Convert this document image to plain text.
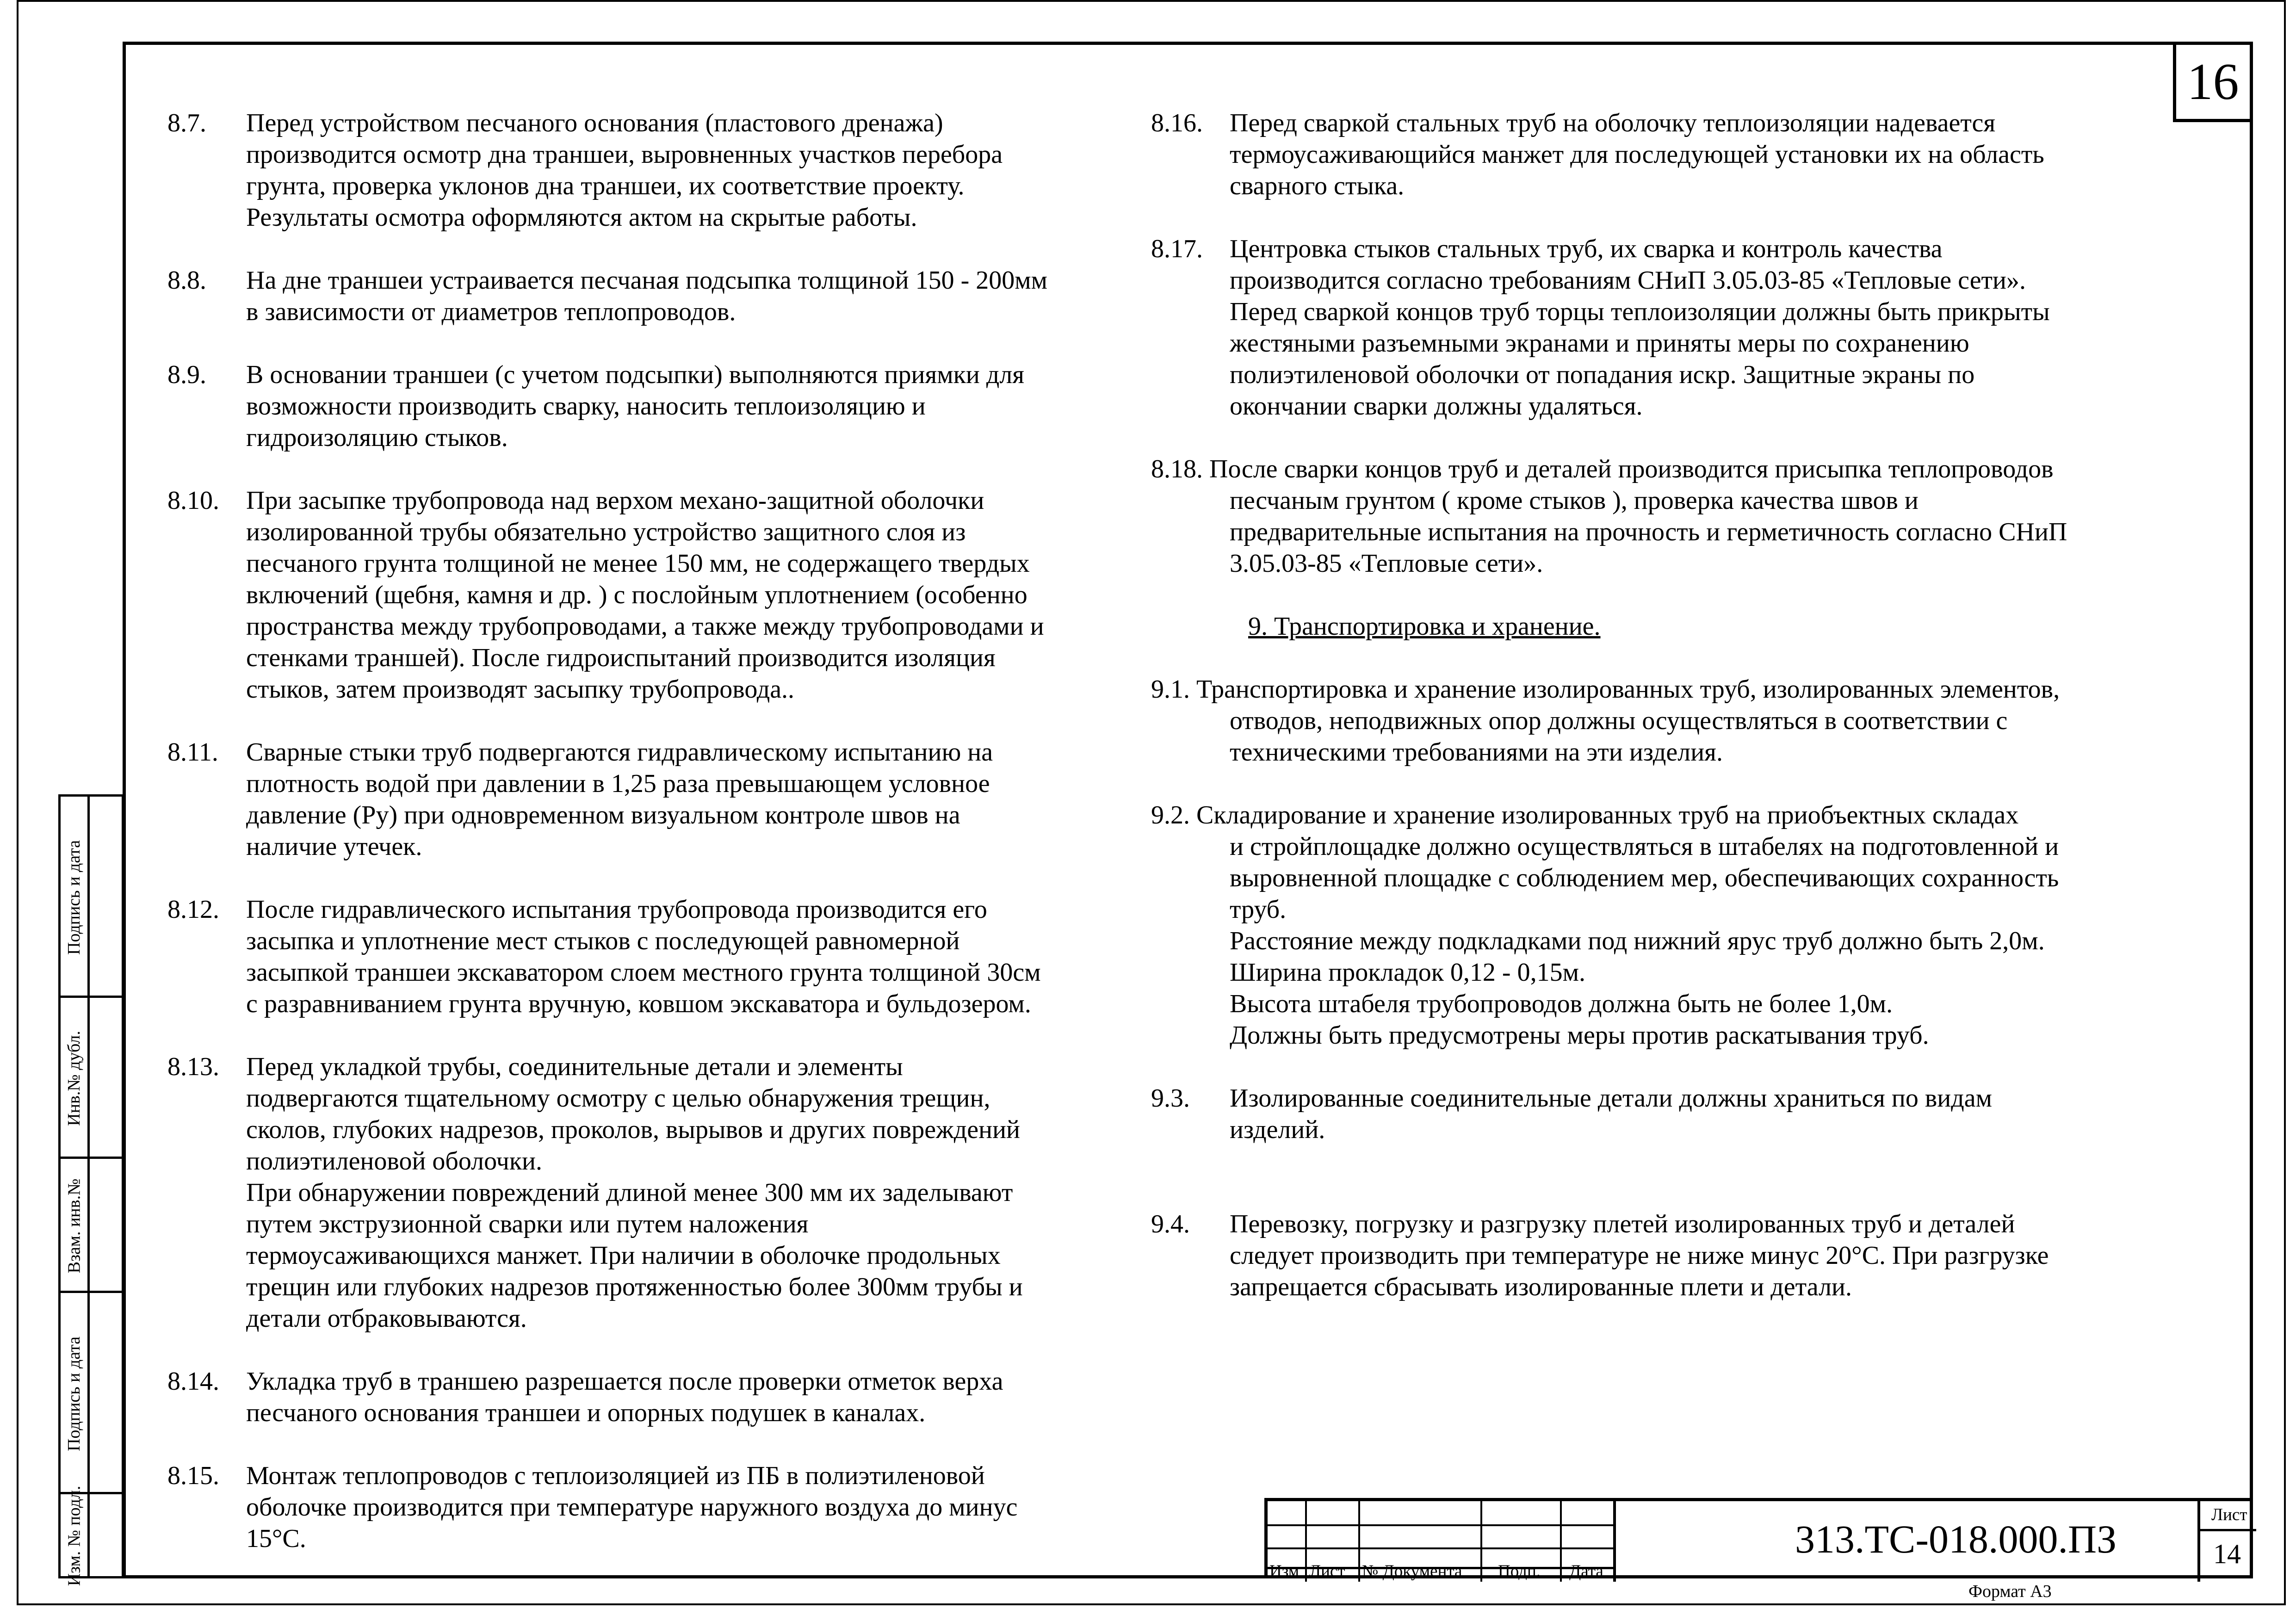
16
8.7. Перед устройством песчаного основания (пластового дренажа)
производится осмотр дна траншеи, выровненных участков перебора
грунта, проверка уклонов дна траншеи, их соответствие проекту.
Результаты осмотра оформляются актом на скрытые работы.
8.8. На дне траншеи устраивается песчаная подсыпка толщиной 150 - 200мм
в зависимости от диаметров теплопроводов.
8.9. В основании траншеи (с учетом подсыпки) выполняются приямки для
возможности производить сварку, наносить теплоизоляцию и
гидроизоляцию стыков.
8.10. При засыпке трубопровода над верхом механо-защитной оболочки
изолированной трубы обязательно устройство защитного слоя из
песчаного грунта толщиной не менее 150 мм, не содержащего твердых
включений (щебня, камня и др. ) с послойным уплотнением (особенно
пространства между трубопроводами, а также между трубопроводами и
стенками траншей). После гидроиспытаний производится изоляция
стыков, затем производят засыпку трубопровода..
8.11. Сварные стыки труб подвергаются гидравлическому испытанию на
плотность водой при давлении в 1,25 раза превышающем условное
давление (Ру) при одновременном визуальном контроле швов на
наличие утечек.
8.12. После гидравлического испытания трубопровода производится его
засыпка и уплотнение мест стыков с последующей равномерной
засыпкой траншеи экскаватором слоем местного грунта толщиной 30см
с разравниванием грунта вручную, ковшом экскаватора и бульдозером.
8.13. Перед укладкой трубы, соединительные детали и элементы
подвергаются тщательному осмотру с целью обнаружения трещин,
сколов, глубоких надрезов, проколов, вырывов и других повреждений
полиэтиленовой оболочки.
При обнаружении повреждений длиной менее 300 мм их заделывают
путем экструзионной сварки или путем наложения
термоусаживающихся манжет. При наличии в оболочке продольных
трещин или глубоких надрезов протяженностью более 300мм трубы и
детали отбраковываются.
8.14. Укладка труб в траншею разрешается после проверки отметок верха
песчаного основания траншеи и опорных подушек в каналах.
8.15. Монтаж теплопроводов с теплоизоляцией из ПБ в полиэтиленовой
оболочке производится при температуре наружного воздуха до минус
15°С.
8.16. Перед сваркой стальных труб на оболочку теплоизоляции надевается
термоусаживающийся манжет для последующей установки их на область
сварного стыка.
8.17. Центровка стыков стальных труб, их сварка и контроль качества
производится согласно требованиям СНиП 3.05.03-85 «Тепловые сети».
Перед сваркой концов труб торцы теплоизоляции должны быть прикрыты
жестяными разъемными экранами и приняты меры по сохранению
полиэтиленовой оболочки от попадания искр. Защитные экраны по
окончании сварки должны удаляться.
8.18. После сварки концов труб и деталей производится присыпка теплопроводов
песчаным грунтом ( кроме стыков ), проверка качества швов и
предварительные испытания на прочность и герметичность согласно СНиП
3.05.03-85 «Тепловые сети».
9. Транспортировка и хранение.
9.1. Транспортировка и хранение изолированных труб, изолированных элементов,
отводов, неподвижных опор должны осуществляться в соответствии с
техническими требованиями на эти изделия.
9.2. Складирование и хранение изолированных труб на приобъектных складах
и стройплощадке должно осуществляться в штабелях на подготовленной и
выровненной площадке с соблюдением мер, обеспечивающих сохранность
труб.
Расстояние между подкладками под нижний ярус труб должно быть 2,0м.
Ширина прокладок 0,12 - 0,15м.
Высота штабеля трубопроводов должна быть не более 1,0м.
Должны быть предусмотрены меры против раскатывания труб.
9.3. Изолированные соединительные детали должны храниться по видам
изделий.
9.4. Перевозку, погрузку и разгрузку плетей изолированных труб и деталей
следует производить при температуре не ниже минус 20°С. При разгрузке
запрещается сбрасывать изолированные плети и детали.
Подпись и дата
Инв.№ дубл.
Взам. инв.№
Подпись и дата
Изм. № подл.	Изм Лист № Документа Подп. Дата
313.ТС-018.000.ПЗ
Лист
14
Формат А3
